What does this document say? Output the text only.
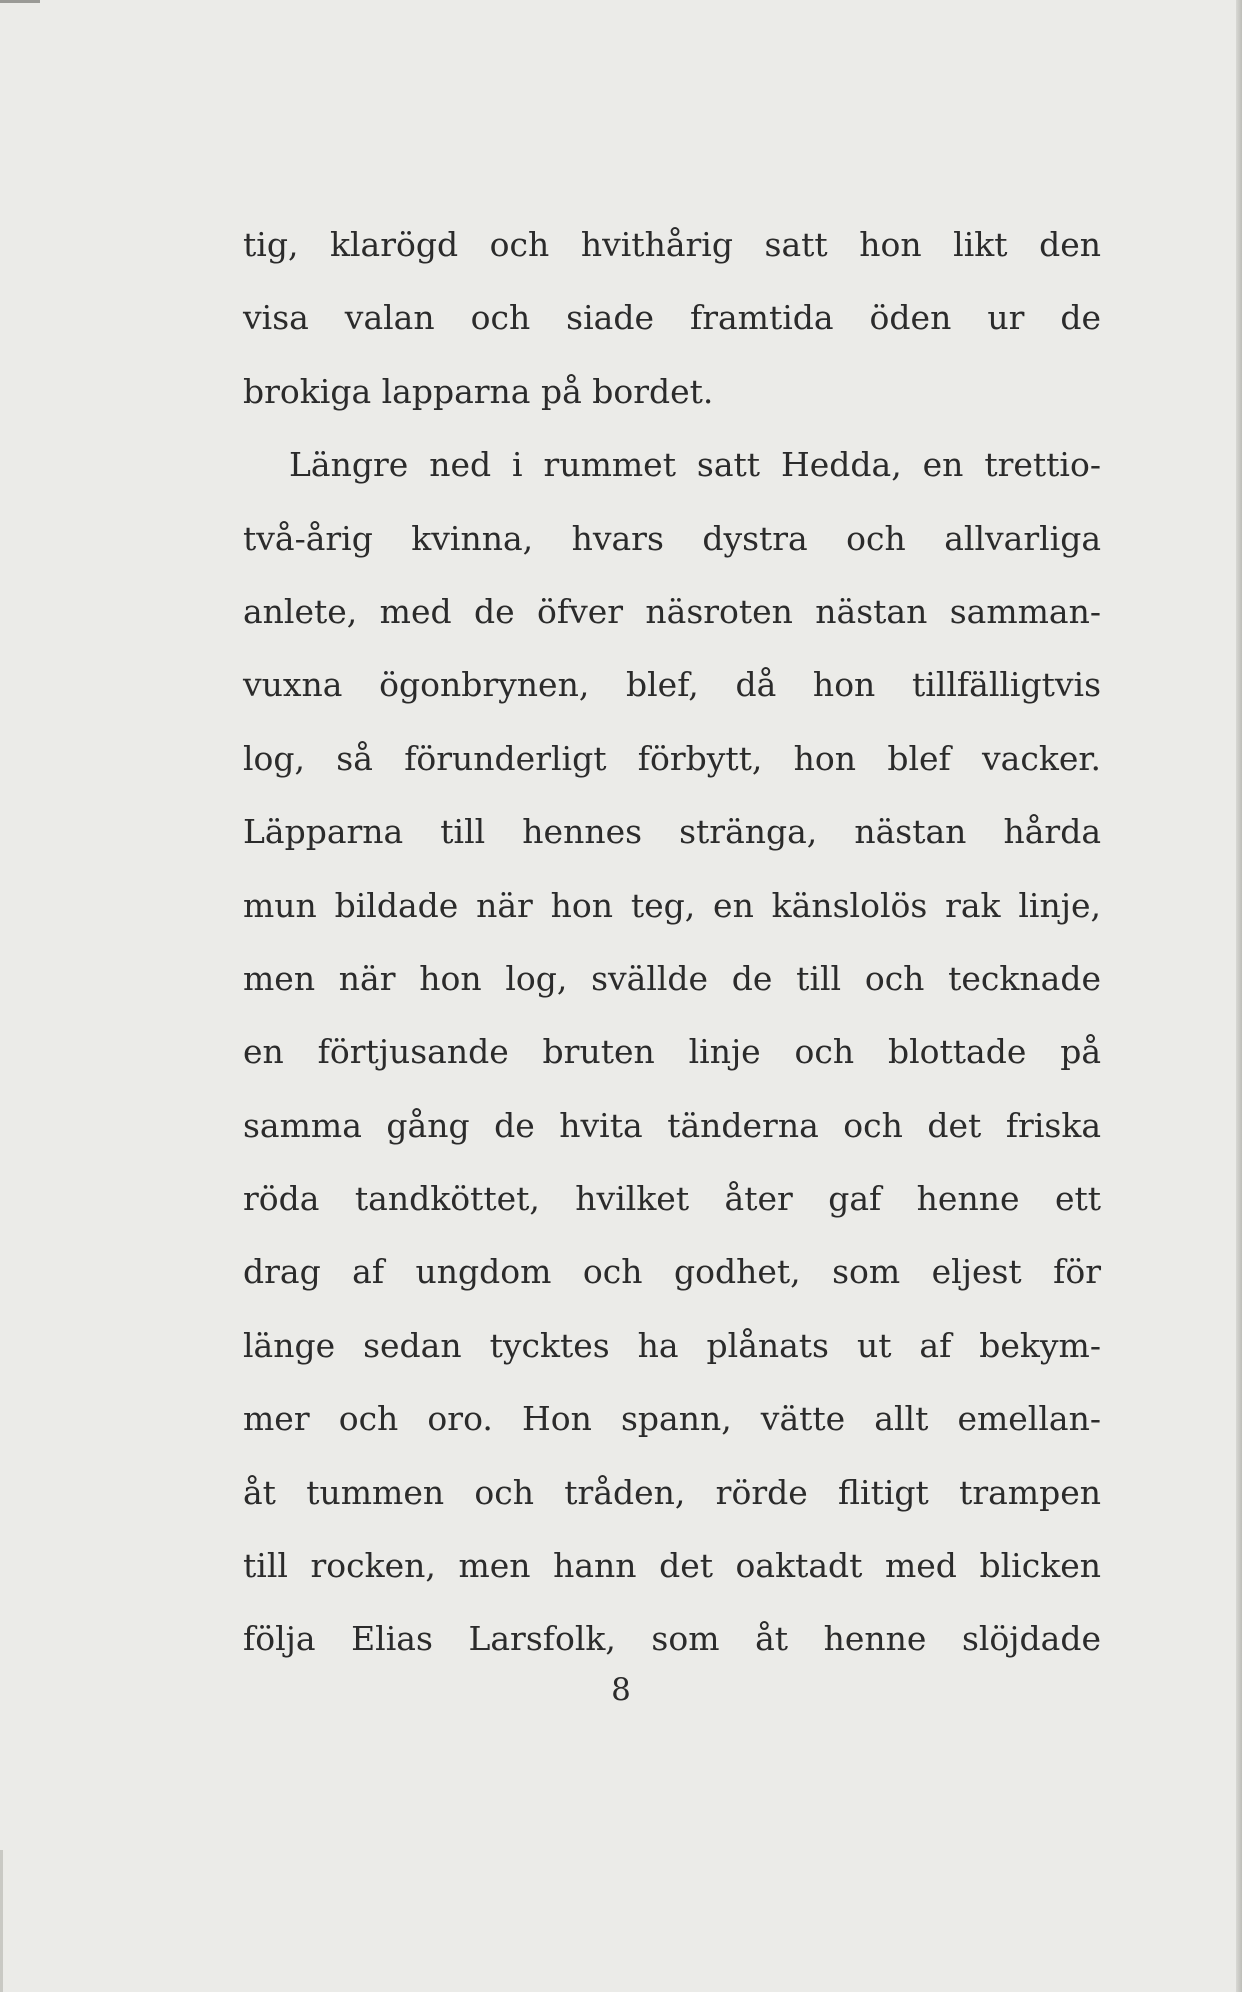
tig, klarögd och hvithårig satt hon likt den
visa valan och siade framtida öden ur de
brokiga lapparna på bordet.
Längre ned i rummet satt Hedda, en trettio-
två-årig kvinna, hvars dystra och allvarliga
anlete, med de öfver näsroten nästan samman-
vuxna ögonbrynen, blef, då hon tillfälligtvis
log, så förunderligt förbytt, hon blef vacker.
Läpparna till hennes stränga, nästan hårda
mun bildade när hon teg, en känslolös rak linje,
men när hon log, svällde de till och tecknade
en förtjusande bruten linje och blottade på
samma gång de hvita tänderna och det friska
röda tandköttet, hvilket åter gaf henne ett
drag af ungdom och godhet, som eljest för
länge sedan tycktes ha plånats ut af bekym-
mer och oro. Hon spann, vätte allt emellan-
åt tummen och tråden, rörde flitigt trampen
till rocken, men hann det oaktadt med blicken
följa Elias Larsfolk, som åt henne slöjdade
8
